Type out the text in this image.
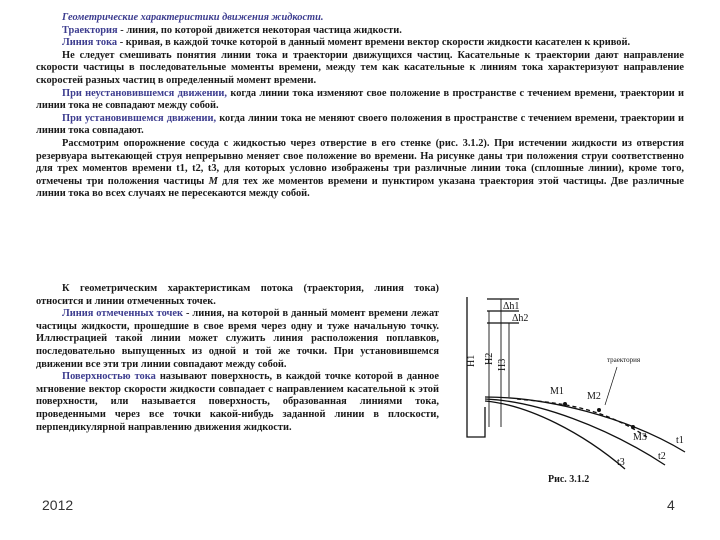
Геометрические характеристики движения жидкости.

Траектория - линия, по которой движется некоторая частица жидкости.

Линия тока - кривая, в каждой точке которой в данный момент времени вектор скорости жидкости касателен к кривой.

Не следует смешивать понятия линии тока и траектории движущихся частиц. Касательные к траектории дают направление скорости частицы в последовательные моменты времени, между тем как касательные к линиям тока характеризуют направление скоростей разных частиц в определенный момент времени.

При неустановившемся движении, когда линии тока изменяют свое положение в пространстве с течением времени, траектории и линии тока не совпадают между собой.

При установившемся движении, когда линии тока не меняют своего положения в пространстве с течением времени, траектории и линии тока совпадают.

Рассмотрим опорожнение сосуда с жидкостью через отверстие в его стенке (рис. 3.1.2). При истечении жидкости из отверстия резервуара вытекающей струя непрерывно меняет свое положение во времени. На рисунке даны три положения струи соответственно для трех моментов времени t1, t2, t3, для которых условно изображены три различные линии тока (сплошные линии), кроме того, отмечены три положения частицы М для тех же моментов времени и пунктиром указана траектория этой частицы. Две различные линии тока во всех случаях не пересекаются между собой.

К геометрическим характеристикам потока (траектория, линия тока) относится и линии отмеченных точек.

Линия отмеченных точек - линия, на которой в данный момент времени лежат частицы жидкости, прошедшие в свое время через одну и туже начальную точку. Иллюстрацией такой линии может служить линия расположения поплавков, последовательно выпущенных из одной и той же точки. При установившемся движении все эти три линии совпадают между собой.

Поверхностью тока называют поверхность, в каждой точке которой в данное мгновение вектор скорости жидкости совпадает с направлением касательной к этой поверхности, или называется поверхность, образованная линиями тока, проведенными через все точки какой-нибудь заданной линии в плоскости, перпендикулярной направлению движения жидкости.

Δh1
Δh2
H1 H2 H3
M1 M2
M3	t1
t2
t3
траектория
Рис. 3.1.2
2012	4
